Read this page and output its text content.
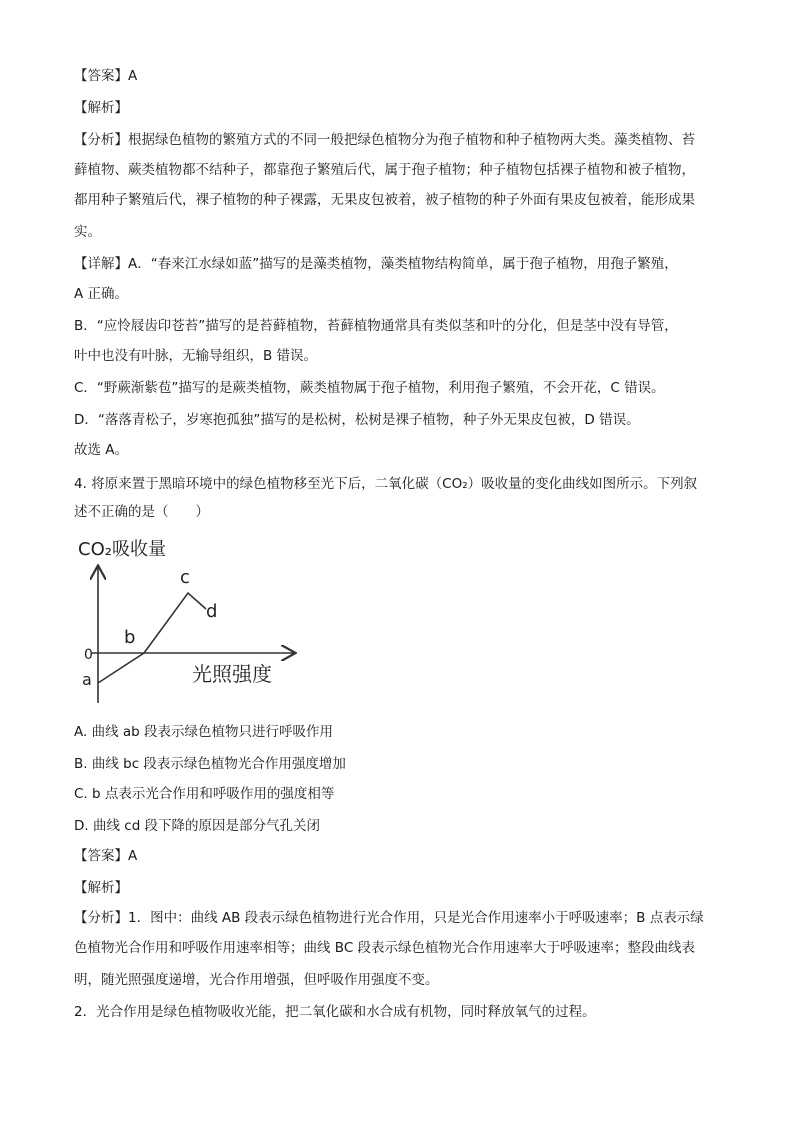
【答案】A
【解析】
【分析】根据绿色植物的繁殖方式的不同一般把绿色植物分为孢子植物和种子植物两大类。藻类植物、苔
藓植物、蕨类植物都不结种子，都靠孢子繁殖后代，属于孢子植物；种子植物包括裸子植物和被子植物，
都用种子繁殖后代，裸子植物的种子裸露，无果皮包被着，被子植物的种子外面有果皮包被着，能形成果
实。
【详解】A．“春来江水绿如蓝”描写的是藻类植物，藻类植物结构简单，属于孢子植物，用孢子繁殖，
A 正确。
B．“应怜屐齿印苍苔”描写的是苔藓植物，苔藓植物通常具有类似茎和叶的分化，但是茎中没有导管，
叶中也没有叶脉，无输导组织，B 错误。
C．“野蕨渐紫苞”描写的是蕨类植物，蕨类植物属于孢子植物，利用孢子繁殖，不会开花，C 错误。
D．“落落青松子，岁寒抱孤独”描写的是松树，松树是裸子植物，种子外无果皮包被，D 错误。
故选 A。
4. 将原来置于黑暗环境中的绿色植物移至光下后，二氧化碳（CO₂）吸收量的变化曲线如图所示。下列叙
述不正确的是（　　）
CO₂吸收量
0
a
b
c
d
光照强度
A. 曲线 ab 段表示绿色植物只进行呼吸作用
B. 曲线 bc 段表示绿色植物光合作用强度增加
C. b 点表示光合作用和呼吸作用的强度相等
D. 曲线 cd 段下降的原因是部分气孔关闭
【答案】A
【解析】
【分析】1．图中：曲线 AB 段表示绿色植物进行光合作用，只是光合作用速率小于呼吸速率；B 点表示绿
色植物光合作用和呼吸作用速率相等；曲线 BC 段表示绿色植物光合作用速率大于呼吸速率；整段曲线表
明，随光照强度递增，光合作用增强，但呼吸作用强度不变。
2．光合作用是绿色植物吸收光能，把二氧化碳和水合成有机物，同时释放氧气的过程。
